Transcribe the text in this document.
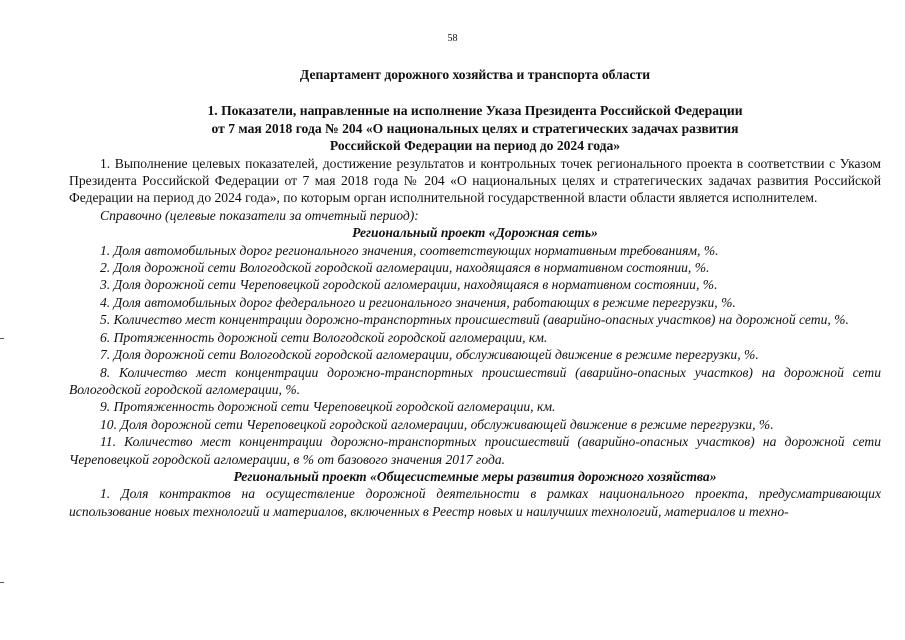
58

Департамент дорожного хозяйства и транспорта области

1. Показатели, направленные на исполнение Указа Президента Российской Федерации

от 7 мая 2018 года № 204 «О национальных целях и стратегических задачах развития

Российской Федерации на период до 2024 года»

1. Выполнение целевых показателей, достижение результатов и контрольных точек регионального проекта в соответствии с Указом Президента Российской Федерации от 7 мая 2018 года № 204 «О национальных целях и стратегических задачах развития Российской Федерации на период до 2024 года», по которым орган исполнительной государственной власти области является исполнителем.

Справочно (целевые показатели за отчетный период):

Региональный проект «Дорожная сеть»

1. Доля автомобильных дорог регионального значения, соответствующих нормативным требованиям, %.

2. Доля дорожной сети Вологодской городской агломерации, находящаяся в нормативном состоянии, %.

3. Доля дорожной сети Череповецкой городской агломерации, находящаяся в нормативном состоянии, %.

4. Доля автомобильных дорог федерального и регионального значения, работающих в режиме перегрузки, %.

5. Количество мест концентрации дорожно-транспортных происшествий (аварийно-опасных участков) на дорожной сети, %.

6. Протяженность дорожной сети Вологодской городской агломерации, км.

7. Доля дорожной сети Вологодской городской агломерации, обслуживающей движение в режиме перегрузки, %.

8. Количество мест концентрации дорожно-транспортных происшествий (аварийно-опасных участков) на дорожной сети Вологодской городской агломерации, %.

9. Протяженность дорожной сети Череповецкой городской агломерации, км.

10. Доля дорожной сети Череповецкой городской агломерации, обслуживающей движение в режиме перегрузки, %.

11. Количество мест концентрации дорожно-транспортных происшествий (аварийно-опасных участков) на дорожной сети Череповецкой городской агломерации, в % от базового значения 2017 года.

Региональный проект «Общесистемные меры развития дорожного хозяйства»

1. Доля контрактов на осуществление дорожной деятельности в рамках национального проекта, предусматривающих использование новых технологий и материалов, включенных в Реестр новых и наилучших технологий, материалов и техно-
